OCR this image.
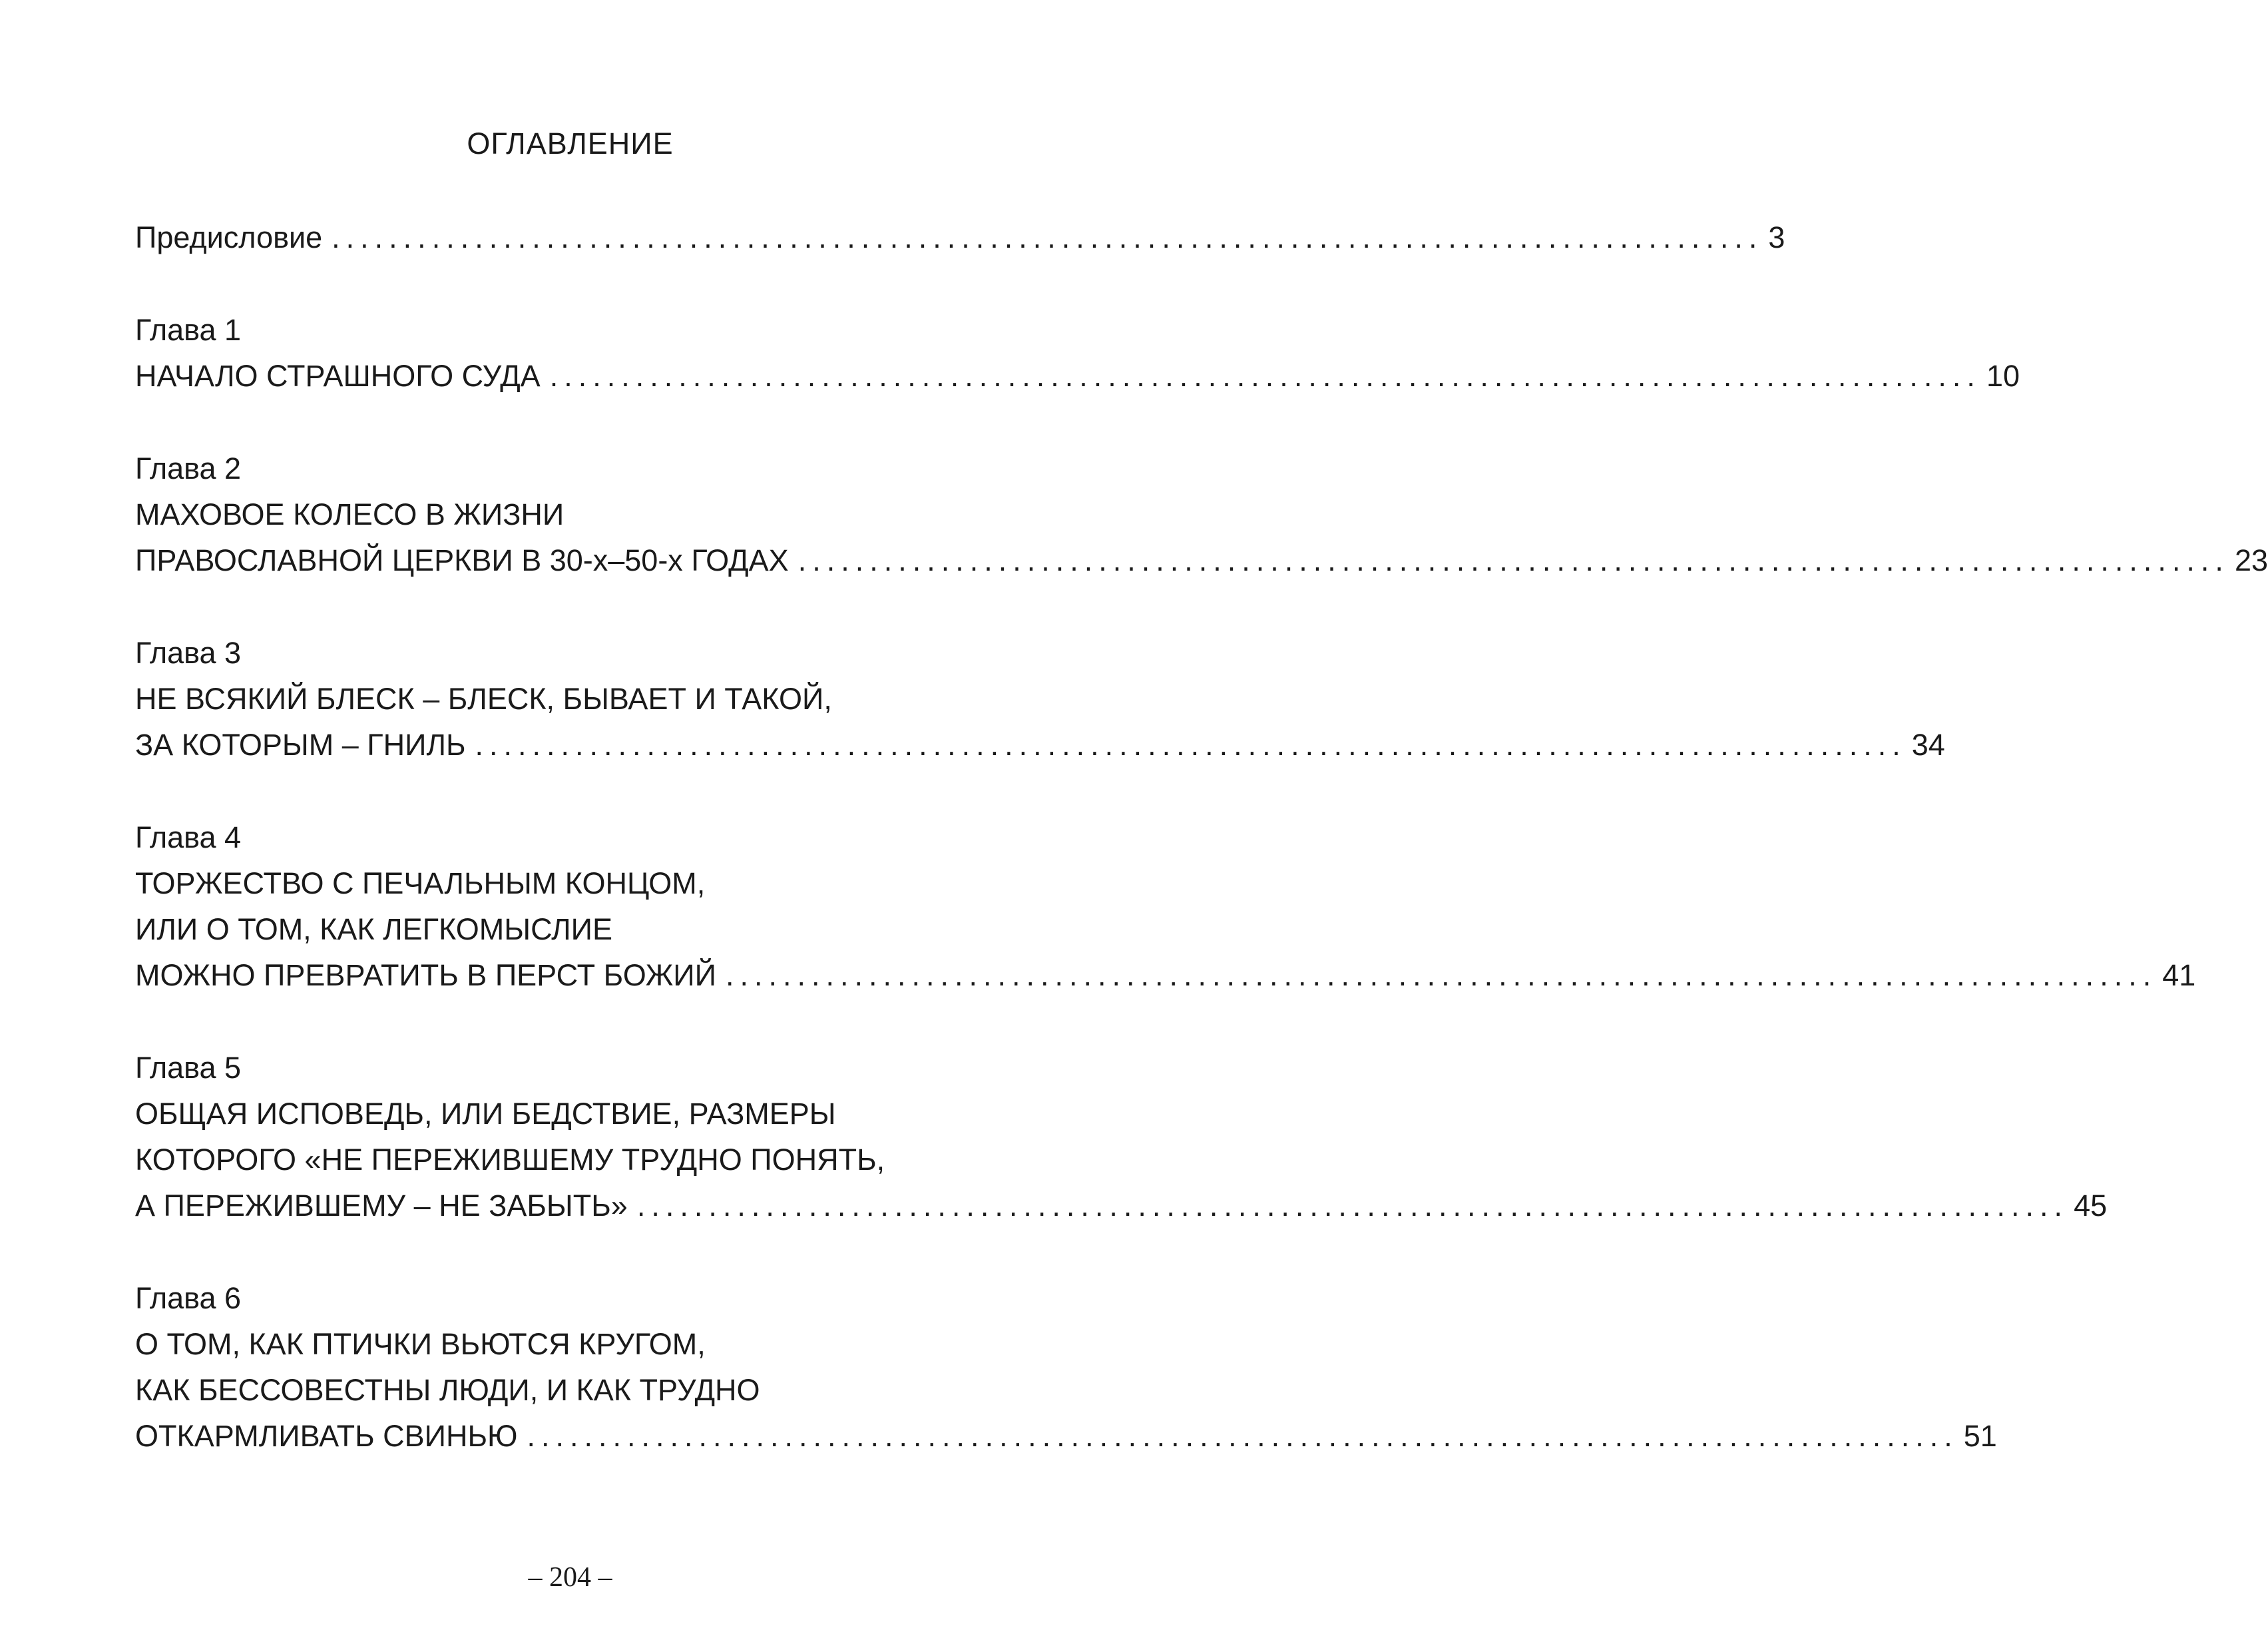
ОГЛАВЛЕНИЕ
Предисловие .................................................................................................... 3
Глава 1
НАЧАЛО СТРАШНОГО СУДА .................................................................................................... 10
Глава 2
МАХОВОЕ КОЛЕСО В ЖИЗНИ
ПРАВОСЛАВНОЙ ЦЕРКВИ В 30-х–50-х ГОДАХ .................................................................................................... 23
Глава 3
НЕ ВСЯКИЙ БЛЕСК – БЛЕСК, БЫВАЕТ И ТАКОЙ,
ЗА КОТОРЫМ – ГНИЛЬ .................................................................................................... 34
Глава 4
ТОРЖЕСТВО С ПЕЧАЛЬНЫМ КОНЦОМ,
ИЛИ О ТОМ, КАК ЛЕГКОМЫСЛИЕ
МОЖНО ПРЕВРАТИТЬ В ПЕРСТ БОЖИЙ .................................................................................................... 41
Глава 5
ОБЩАЯ ИСПОВЕДЬ, ИЛИ БЕДСТВИЕ, РАЗМЕРЫ
КОТОРОГО «НЕ ПЕРЕЖИВШЕМУ ТРУДНО ПОНЯТЬ,
А ПЕРЕЖИВШЕМУ – НЕ ЗАБЫТЬ» .................................................................................................... 45
Глава 6
О ТОМ, КАК ПТИЧКИ ВЬЮТСЯ КРУГОМ,
КАК БЕССОВЕСТНЫ ЛЮДИ, И КАК ТРУДНО
ОТКАРМЛИВАТЬ СВИНЬЮ .................................................................................................... 51
– 204 –
